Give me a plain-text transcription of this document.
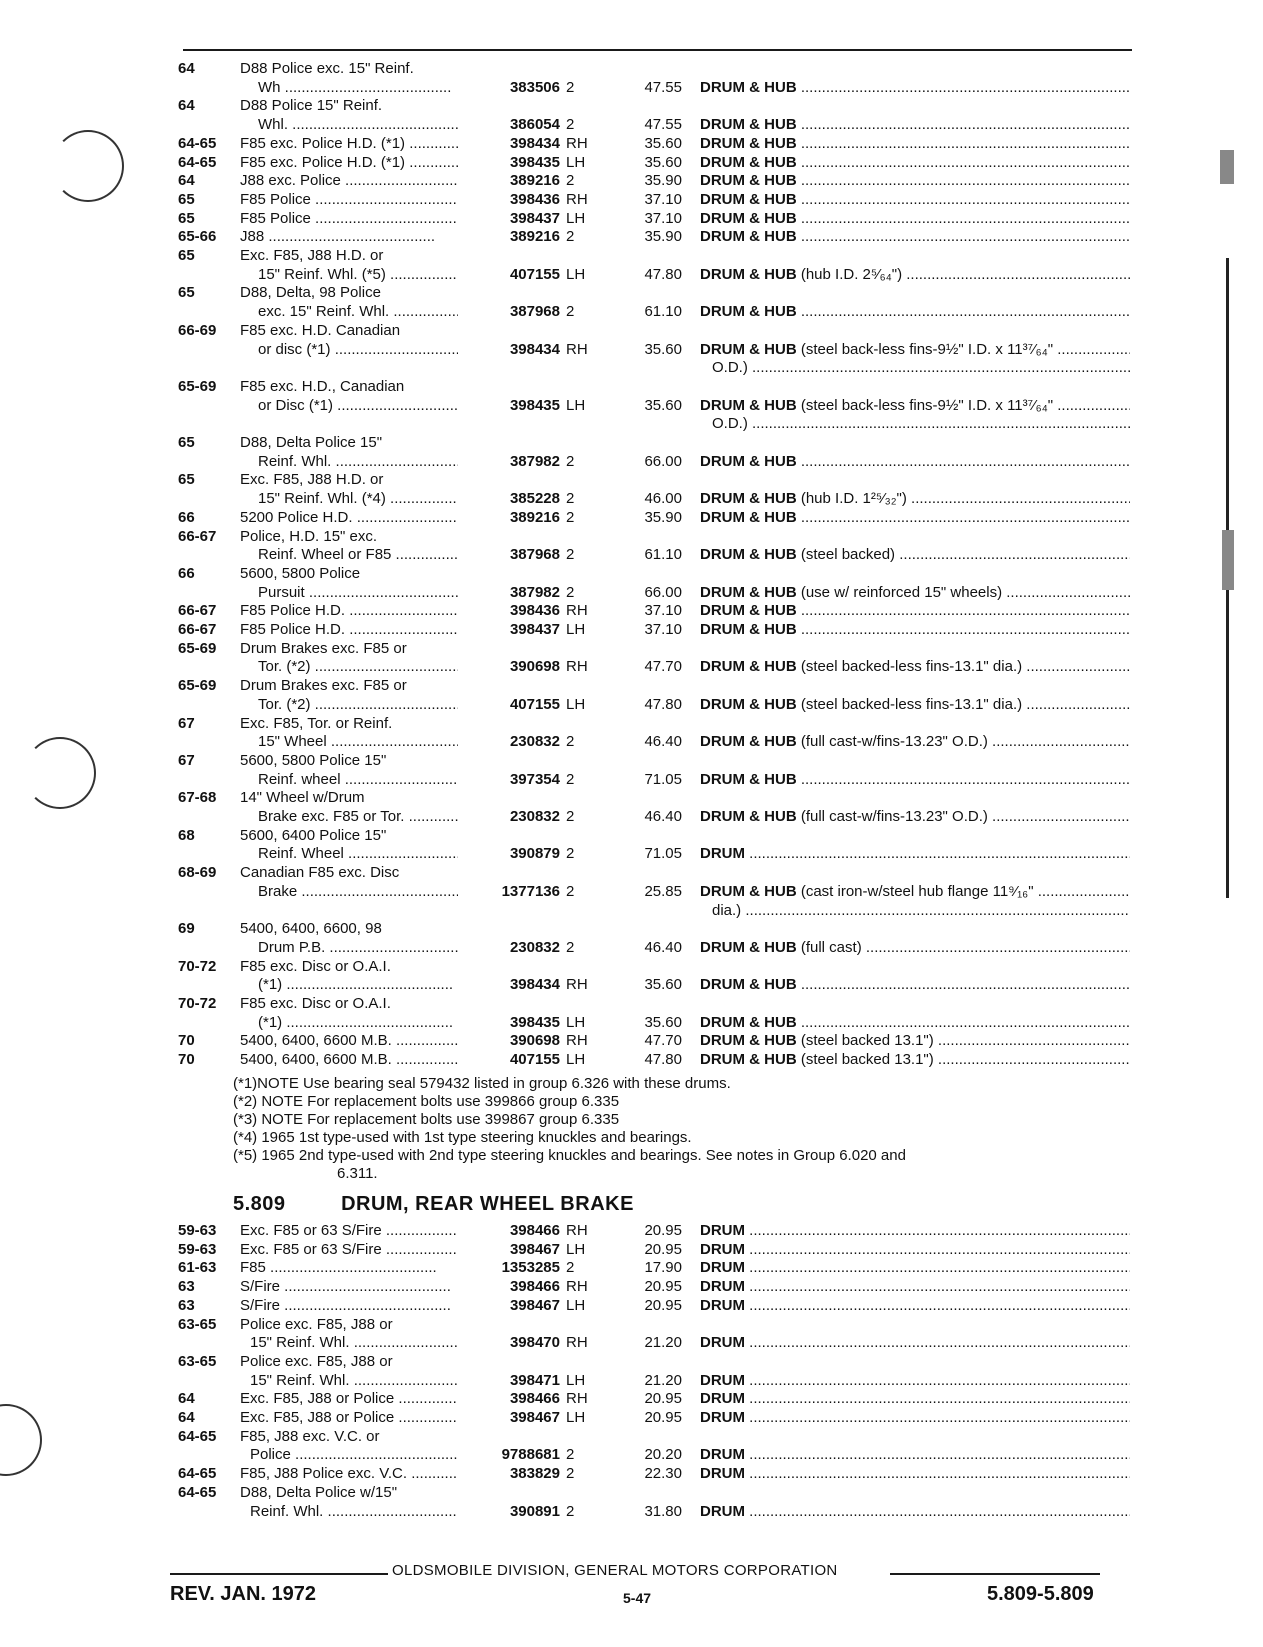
64	D88 Police exc. 15" Reinf.
Wh .....	383506 2	47.55 DRUM & HUB .....
64	D88 Police 15" Reinf.
Whl. .....	386054 2	47.55 DRUM & HUB .....
64-65 F85 exc. Police H.D. (*1) .....	398434 RH	35.60 DRUM & HUB .....
64-65 F85 exc. Police H.D. (*1) .....	398435 LH	35.60 DRUM & HUB .....
64	J88 exc. Police .....	389216 2	35.90 DRUM & HUB .....
65	F85 Police .....	398436 RH	37.10 DRUM & HUB .....
65	F85 Police .....	398437 LH	37.10 DRUM & HUB .....
65-66 J88 .....	389216 2	35.90 DRUM & HUB .....
65	Exc. F85, J88 H.D. or
15" Reinf. Whl. (*5) .....	407155 LH	47.80 DRUM & HUB (hub I.D. 2⁵⁄₆₄") .....
65	D88, Delta, 98 Police
exc. 15" Reinf. Whl. .....	387968 2	61.10 DRUM & HUB .....
66-69 F85 exc. H.D. Canadian
or disc (*1) .....	398434 RH	35.60 DRUM & HUB (steel back-less fins-9½" I.D. x 11³⁷⁄₆₄" .....
O.D.) .....
65-69 F85 exc. H.D., Canadian
or Disc (*1) .....	398435 LH	35.60 DRUM & HUB (steel back-less fins-9½" I.D. x 11³⁷⁄₆₄" .....
O.D.) .....
65	D88, Delta Police 15"
Reinf. Whl. .....	387982 2	66.00 DRUM & HUB .....
65	Exc. F85, J88 H.D. or
15" Reinf. Whl. (*4) .....	385228 2	46.00 DRUM & HUB (hub I.D. 1²⁵⁄₃₂") .....
66	5200 Police H.D. .....	389216 2	35.90 DRUM & HUB .....
66-67 Police, H.D. 15" exc.
Reinf. Wheel or F85 .....	387968 2	61.10 DRUM & HUB (steel backed) .....
66	5600, 5800 Police
Pursuit .....	387982 2	66.00 DRUM & HUB (use w/ reinforced 15" wheels) .....
66-67 F85 Police H.D. .....	398436 RH	37.10 DRUM & HUB .....
66-67 F85 Police H.D. .....	398437 LH	37.10 DRUM & HUB .....
65-69 Drum Brakes exc. F85 or
Tor. (*2) .....	390698 RH	47.70 DRUM & HUB (steel backed-less fins-13.1" dia.) .....
65-69 Drum Brakes exc. F85 or
Tor. (*2) .....	407155 LH	47.80 DRUM & HUB (steel backed-less fins-13.1" dia.) .....
67	Exc. F85, Tor. or Reinf.
15" Wheel .....	230832 2	46.40 DRUM & HUB (full cast-w/fins-13.23" O.D.) .....
67	5600, 5800 Police 15"
Reinf. wheel .....	397354 2	71.05 DRUM & HUB .....
67-68 14" Wheel w/Drum
Brake exc. F85 or Tor. .....	230832 2	46.40 DRUM & HUB (full cast-w/fins-13.23" O.D.) .....
68	5600, 6400 Police 15"
Reinf. Wheel .....	390879 2	71.05 DRUM .....
68-69 Canadian F85 exc. Disc
Brake .....	1377136 2	25.85 DRUM & HUB (cast iron-w/steel hub flange 11⁹⁄₁₆" .....
dia.) .....
69	5400, 6400, 6600, 98
Drum P.B. .....	230832 2	46.40 DRUM & HUB (full cast) .....
70-72 F85 exc. Disc or O.A.I.
(*1) .....	398434 RH	35.60 DRUM & HUB .....
70-72 F85 exc. Disc or O.A.I.
(*1) .....	398435 LH	35.60 DRUM & HUB .....
70	5400, 6400, 6600 M.B. .....	390698 RH	47.70 DRUM & HUB (steel backed 13.1") .....
70	5400, 6400, 6600 M.B. .....	407155 LH	47.80 DRUM & HUB (steel backed 13.1") .....
(*1)NOTE Use bearing seal 579432 listed in group 6.326 with these drums.
(*2) NOTE For replacement bolts use 399866 group 6.335
(*3) NOTE For replacement bolts use 399867 group 6.335
(*4) 1965 1st type-used with 1st type steering knuckles and bearings.
(*5) 1965 2nd type-used with 2nd type steering knuckles and bearings. See notes in Group 6.020 and
6.311.
5.809	DRUM, REAR WHEEL BRAKE
59-63 Exc. F85 or 63 S/Fire .....	398466 RH	20.95 DRUM .....
59-63 Exc. F85 or 63 S/Fire .....	398467 LH	20.95 DRUM .....
61-63 F85 .....	1353285 2	17.90 DRUM .....
63	S/Fire .....	398466 RH	20.95 DRUM .....
63	S/Fire .....	398467 LH	20.95 DRUM .....
63-65 Police exc. F85, J88 or
15" Reinf. Whl. .....	398470 RH	21.20 DRUM .....
63-65 Police exc. F85, J88 or
15" Reinf. Whl. .....	398471 LH	21.20 DRUM .....
64	Exc. F85, J88 or Police .....	398466 RH	20.95 DRUM .....
64	Exc. F85, J88 or Police .....	398467 LH	20.95 DRUM .....
64-65 F85, J88 exc. V.C. or
Police .....	9788681 2	20.20 DRUM .....
64-65 F85, J88 Police exc. V.C. .....	383829 2	22.30 DRUM .....
64-65 D88, Delta Police w/15"
Reinf. Whl. .....	390891 2	31.80 DRUM .....
OLDSMOBILE DIVISION, GENERAL MOTORS CORPORATION
REV. JAN. 1972	5-47	5.809-5.809
